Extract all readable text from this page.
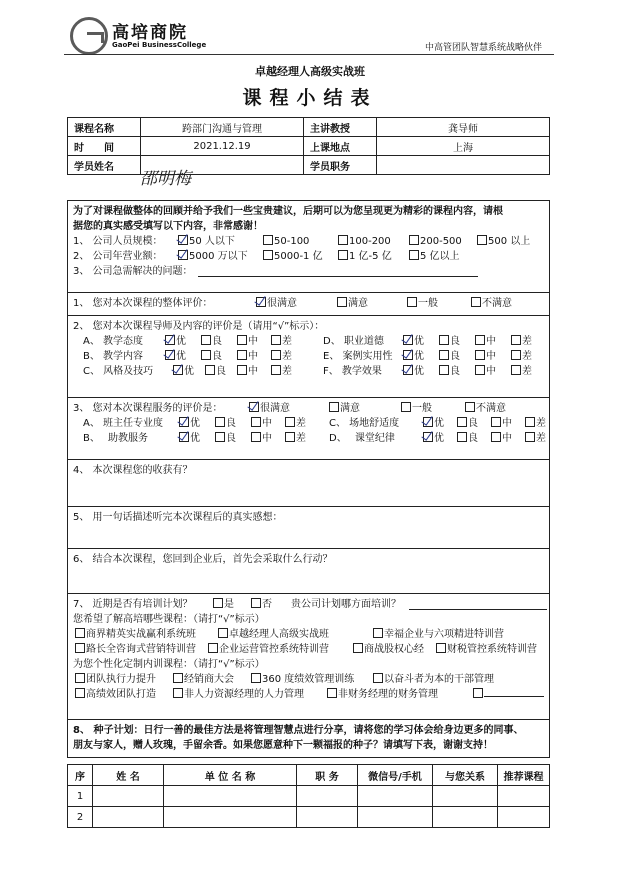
高培商院
GaoPei BusinessCollege	中高管团队智慧系统战略伙伴
卓越经理人高级实战班
课程小结表
课程名称	跨部门沟通与管理	主讲教授	龚导师
时　　间	2021.12.19	上课地点	上海
学员姓名		学员职务	
邵明梅
为了对课程做整体的回顾并给予我们一些宝贵建议，后期可以为您呈现更为精彩的课程内容，请根
据您的真实感受填写以下内容，非常感谢！
1、 公司人员规模：	50 人以下	50-100	100-200	200-500	500 以上
2、 公司年营业额：	5000 万以下	5000-1 亿	1 亿-5 亿	5 亿以上
3、 公司急需解决的问题：
1、 您对本次课程的整体评价：	很满意	满意	一般	不满意
2、 您对本次课程导师及内容的评价是（请用“√”标示）：
A、 教学态度	优	良	中	差	D、 职业道德	优	良	中	差
B、 教学内容	优	良	中	差	E、 案例实用性	优	良	中	差
C、 风格及技巧	优	良	中	差	F、 教学效果	优	良	中	差
3、 您对本次课程服务的评价是：	很满意	满意	一般	不满意
A、 班主任专业度	优	良	中	差 C、 场地舒适度	优	良	中	差
B、　 助教服务	优	良	中	差 D、　 课堂纪律	优	良	中	差
4、 本次课程您的收获有？
5、 用一句话描述听完本次课程后的真实感想：
6、 结合本次课程，您回到企业后，首先会采取什么行动？
7、 近期是否有培训计划？	是	否 贵公司计划哪方面培训？
您希望了解高培哪些课程：（请打“√”标示）
商界精英实战赢利系统班	卓越经理人高级实战班	幸福企业与六项精进特训营
路长全咨询式营销特训营	企业运营管控系统特训营	商战股权心经	财税管控系统特训营
为您个性化定制内训课程：（请打“√”标示）
团队执行力提升	经销商大会	360 度绩效管理训练	以奋斗者为本的干部管理
高绩效团队打造	非人力资源经理的人力管理	非财务经理的财务管理
8、 种子计划：日行一善的最佳方法是将管理智慧点进行分享，请将您的学习体会给身边更多的同事、
朋友与家人，赠人玫瑰，手留余香。如果您愿意种下一颗福报的种子？请填写下表，谢谢支持！
序	姓 名	单 位 名 称	职 务	微信号/手机	与您关系	推荐课程
1						
2						
